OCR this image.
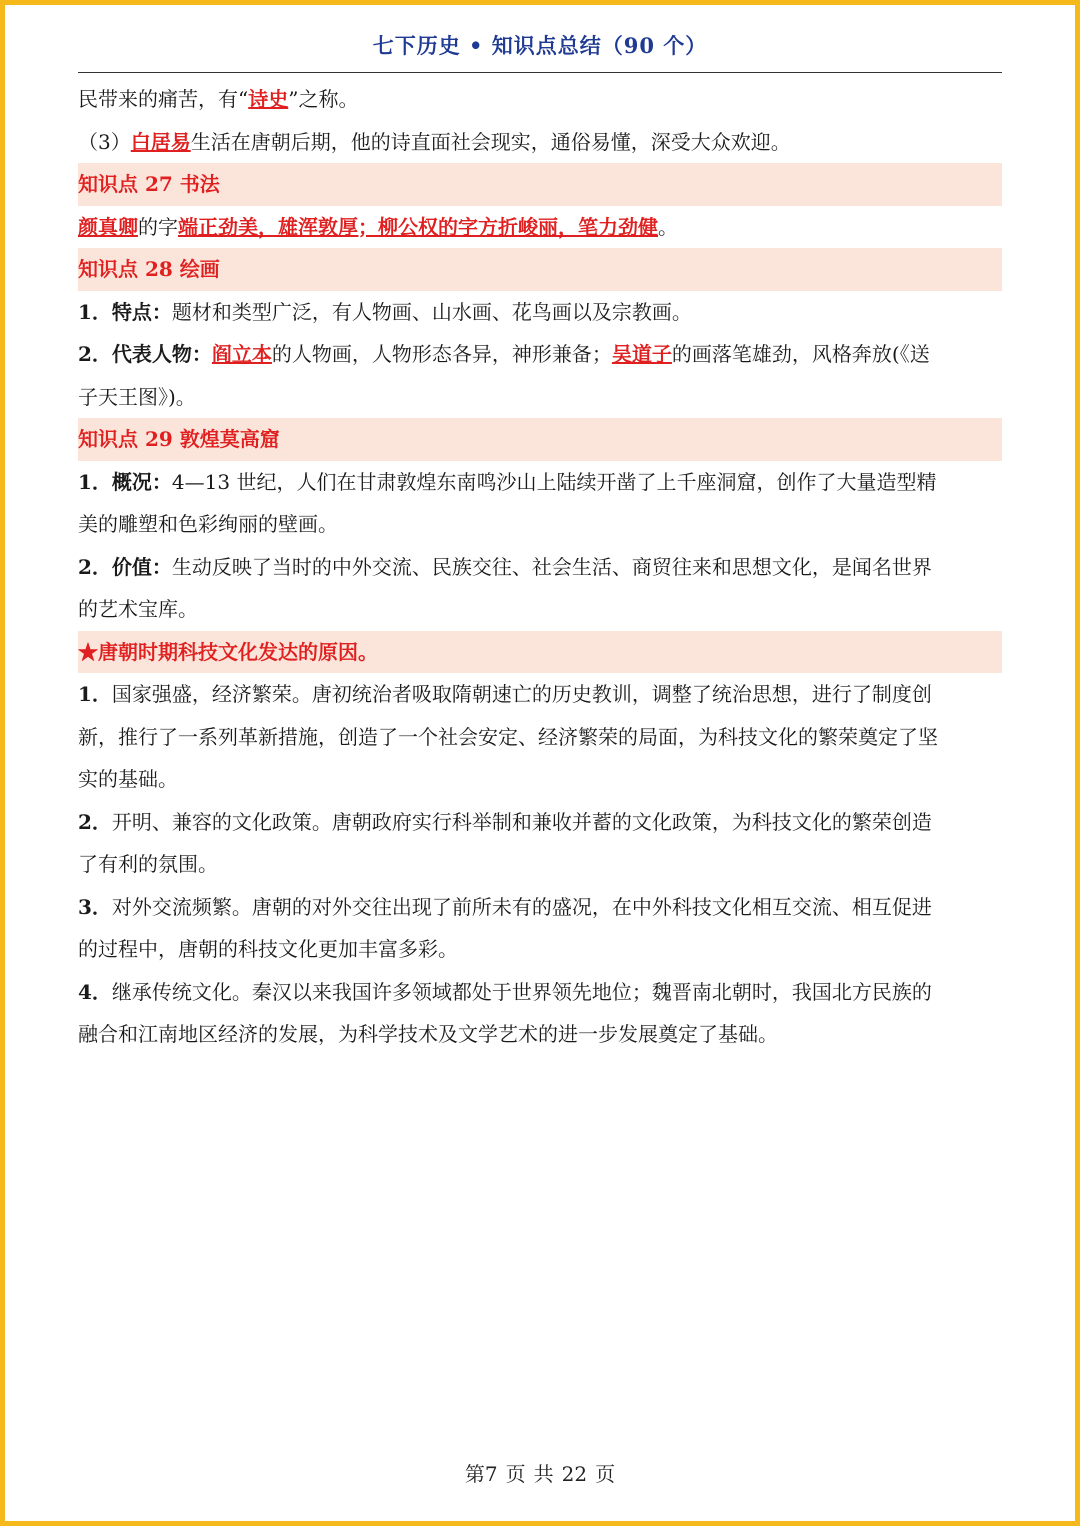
七下历史 • 知识点总结（90 个）
民带来的痛苦，有“诗史”之称。
（3）白居易生活在唐朝后期，他的诗直面社会现实，通俗易懂，深受大众欢迎。
知识点 27 书法
颜真卿的字端正劲美，雄浑敦厚；柳公权的字方折峻丽，笔力劲健。
知识点 28 绘画
1．特点：题材和类型广泛，有人物画、山水画、花鸟画以及宗教画。
2．代表人物：阎立本的人物画，人物形态各异，神形兼备；吴道子的画落笔雄劲，风格奔放(《送
子天王图》)。
知识点 29 敦煌莫高窟
1．概况：4—13 世纪，人们在甘肃敦煌东南鸣沙山上陆续开凿了上千座洞窟，创作了大量造型精
美的雕塑和色彩绚丽的壁画。
2．价值：生动反映了当时的中外交流、民族交往、社会生活、商贸往来和思想文化，是闻名世界
的艺术宝库。
★唐朝时期科技文化发达的原因。
1．国家强盛，经济繁荣。唐初统治者吸取隋朝速亡的历史教训，调整了统治思想，进行了制度创
新，推行了一系列革新措施，创造了一个社会安定、经济繁荣的局面，为科技文化的繁荣奠定了坚
实的基础。
2．开明、兼容的文化政策。唐朝政府实行科举制和兼收并蓄的文化政策，为科技文化的繁荣创造
了有利的氛围。
3．对外交流频繁。唐朝的对外交往出现了前所未有的盛况，在中外科技文化相互交流、相互促进
的过程中，唐朝的科技文化更加丰富多彩。
4．继承传统文化。秦汉以来我国许多领域都处于世界领先地位；魏晋南北朝时，我国北方民族的
融合和江南地区经济的发展，为科学技术及文学艺术的进一步发展奠定了基础。
第7 页 共 22 页
